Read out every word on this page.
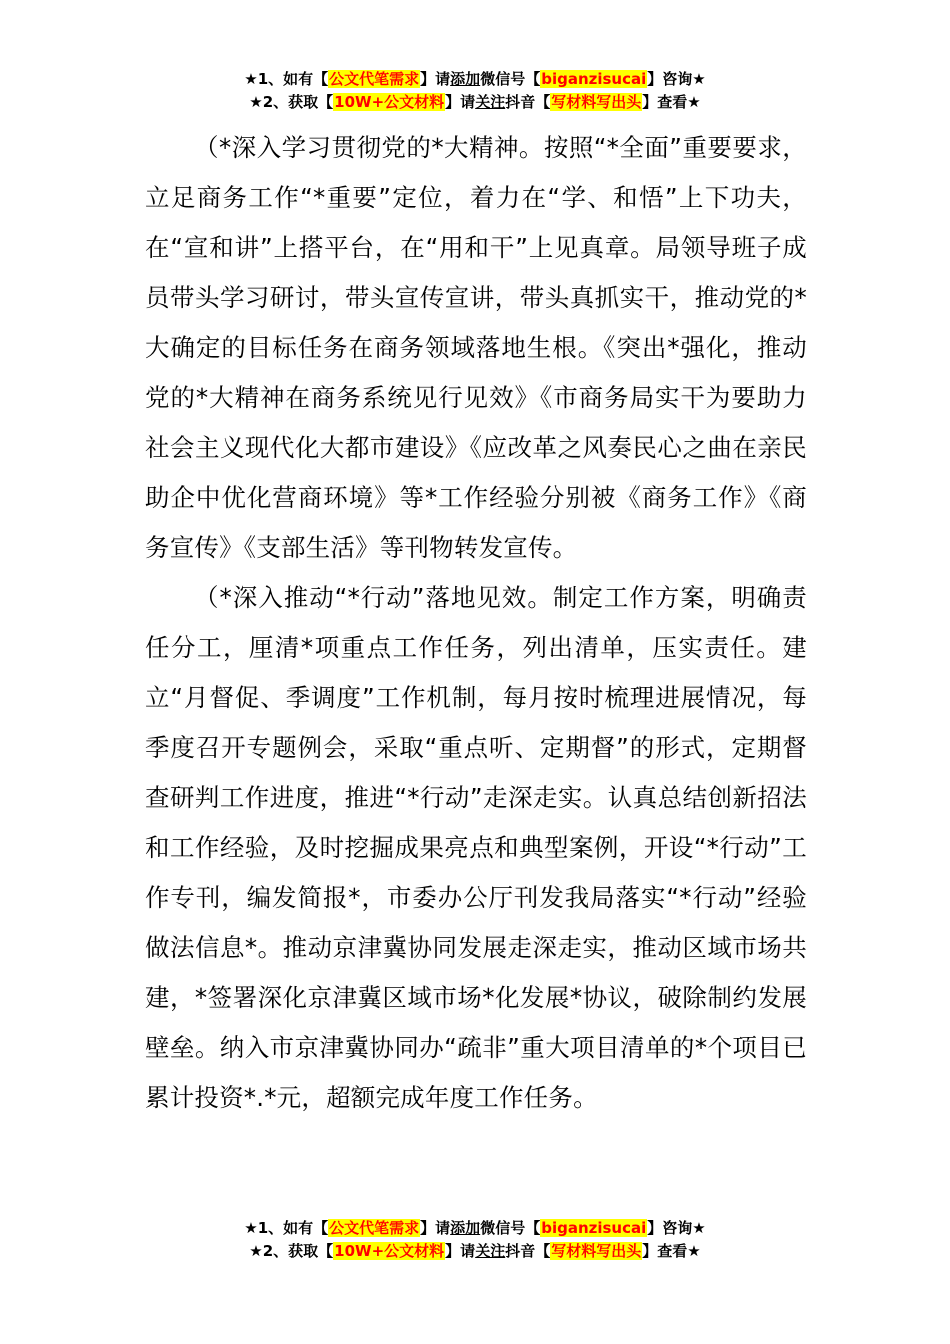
★1、如有【公文代笔需求】请添加微信号【biganzisucai】咨询★
★2、获取【10W+公文材料】请关注抖音【写材料写出头】查看★

（*深入学习贯彻党的*大精神。按照“*全面”重要要求，立足商务工作“*重要”定位，着力在“学、和悟”上下功夫，在“宣和讲”上搭平台，在“用和干”上见真章。局领导班子成员带头学习研讨，带头宣传宣讲，带头真抓实干，推动党的*大确定的目标任务在商务领域落地生根。《突出*强化，推动党的*大精神在商务系统见行见效》《市商务局实干为要助力社会主义现代化大都市建设》《应改革之风奏民心之曲在亲民助企中优化营商环境》等*工作经验分别被《商务工作》《商务宣传》《支部生活》等刊物转发宣传。

（*深入推动“*行动”落地见效。制定工作方案，明确责任分工，厘清*项重点工作任务，列出清单，压实责任。建立“月督促、季调度”工作机制，每月按时梳理进展情况，每季度召开专题例会，采取“重点听、定期督”的形式，定期督查研判工作进度，推进“*行动”走深走实。认真总结创新招法和工作经验，及时挖掘成果亮点和典型案例，开设“*行动”工作专刊，编发简报*，市委办公厅刊发我局落实“*行动”经验做法信息*。推动京津冀协同发展走深走实，推动区域市场共建，*签署深化京津冀区域市场*化发展*协议，破除制约发展壁垒。纳入市京津冀协同办“疏非”重大项目清单的*个项目已累计投资*.*元，超额完成年度工作任务。

★1、如有【公文代笔需求】请添加微信号【biganzisucai】咨询★
★2、获取【10W+公文材料】请关注抖音【写材料写出头】查看★
